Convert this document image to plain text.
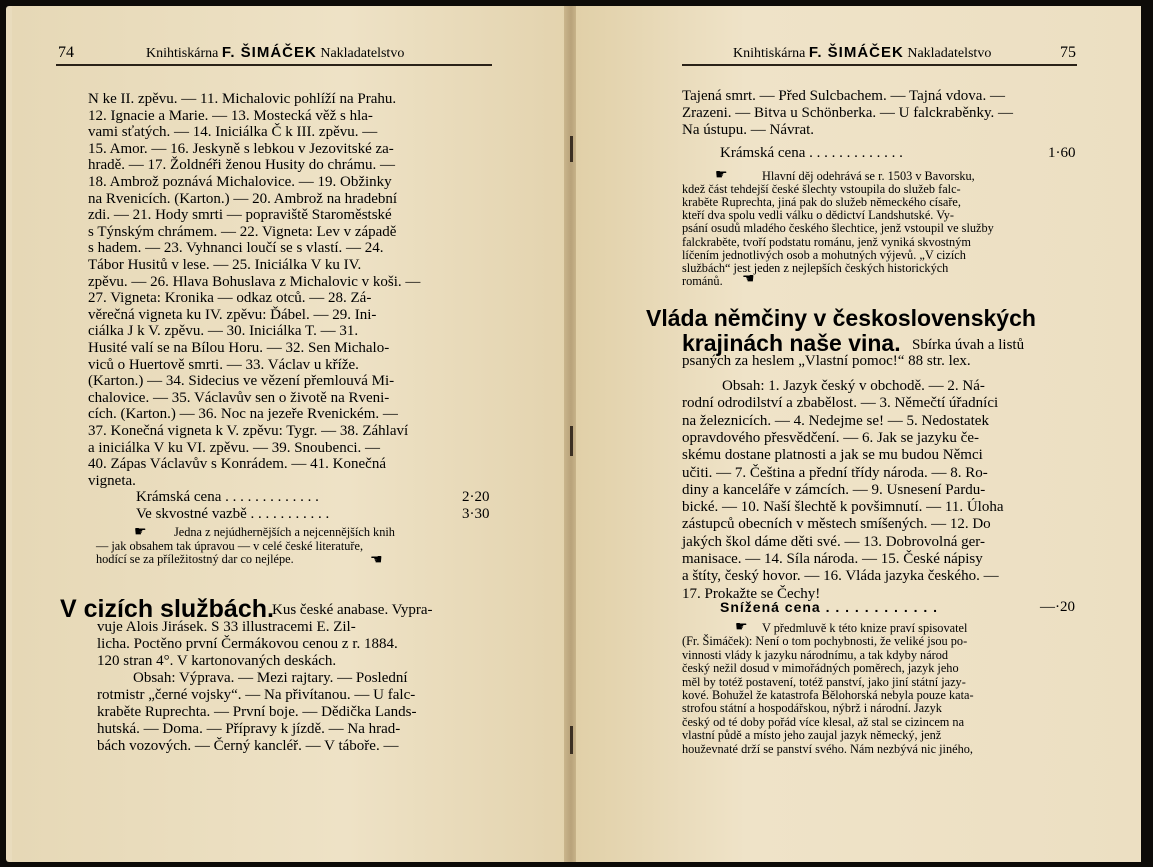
74	Knihtiskárna F. ŠIMÁČEK Nakladatelstvo
N ke II. zpěvu. — 11. Michalovic pohlíží na Prahu.
12. Ignacie a Marie. — 13. Mostecká věž s hla-
vami sťatých. — 14. Iniciálka Č k III. zpěvu. —
15. Amor. — 16. Jeskyně s lebkou v Jezovitské za-
hradě. — 17. Žoldnéři ženou Husity do chrámu. —
18. Ambrož poznává Michalovice. — 19. Obžinky
na Rvenicích. (Karton.) — 20. Ambrož na hradební
zdi. — 21. Hody smrti — popraviště Staroměstské
s Týnským chrámem. — 22. Vigneta: Lev v západě
s hadem. — 23. Vyhnanci loučí se s vlastí. — 24.
Tábor Husitů v lese. — 25. Iniciálka V ku IV.
zpěvu. — 26. Hlava Bohuslava z Michalovic v koši. —
27. Vigneta: Kronika — odkaz otců. — 28. Zá-
věrečná vigneta ku IV. zpěvu: Ďábel. — 29. Ini-
ciálka J k V. zpěvu. — 30. Iniciálka T. — 31.
Husité valí se na Bílou Horu. — 32. Sen Michalo-
viců o Huertově smrti. — 33. Václav u kříže.
(Karton.) — 34. Sidecius ve vězení přemlouvá Mi-
chalovice. — 35. Václavův sen o životě na Rveni-
cích. (Karton.) — 36. Noc na jezeře Rvenickém. —
37. Konečná vigneta k V. zpěvu: Tygr. — 38. Záhlaví
a iniciálka V ku VI. zpěvu. — 39. Snoubenci. —
40. Zápas Václavův s Konrádem. — 41. Konečná
vigneta.
Krámská cena . . . . . . . . . . . . .	2·20
Ve skvostné vazbě . . . . . . . . . . .	3·30
Jedna z nejúdhernějších a nejcennějších knih
— jak obsahem tak úpravou — v celé české literatuře,
hodící se za příležitostný dar co nejlépe.
☛
☚
V cizích službách.
Kus české anabase. Vypra-
vuje Alois Jirásek. S 33 illustracemi E. Zil-
licha. Poctěno první Čermákovou cenou z r. 1884.
120 stran 4°. V kartonovaných deskách.
Obsah: Výprava. — Mezi rajtary. — Poslední
rotmistr „černé vojsky“. — Na přivítanou. — U falc-
kraběte Ruprechta. — První boje. — Dědička Lands-
hutská. — Doma. — Přípravy k jízdě. — Na hrad-
bách vozových. — Černý kancléř. — V táboře. —
Knihtiskárna F. ŠIMÁČEK Nakladatelstvo	75
Tajená smrt. — Před Sulcbachem. — Tajná vdova. —
Zrazeni. — Bitva u Schönberka. — U falckraběnky. —
Na ústupu. — Návrat.
Krámská cena . . . . . . . . . . . . .	1·60
Hlavní děj odehrává se r. 1503 v Bavorsku,
kdež část tehdejší české šlechty vstoupila do služeb falc-
kraběte Ruprechta, jiná pak do služeb německého císaře,
kteří dva spolu vedli válku o dědictví Landshutské. Vy-
psání osudů mladého českého šlechtice, jenž vstoupil ve služby
falckraběte, tvoří podstatu románu, jenž vyniká skvostným
líčením jednotlivých osob a mohutných výjevů. „V cizích
službách“ jest jeden z nejlepších českých historických
románů.
☛
☚
Vláda němčiny v československých
krajinách naše vina. Sbírka úvah a listů
psaných za heslem „Vlastní pomoc!“ 88 str. lex.
Obsah: 1. Jazyk český v obchodě. — 2. Ná-
rodní odrodilství a zbabělost. — 3. Němečtí úřadníci
na železnicích. — 4. Nedejme se! — 5. Nedostatek
opravdového přesvědčení. — 6. Jak se jazyku če-
skému dostane platnosti a jak se mu budou Němci
učiti. — 7. Čeština a přední třídy národa. — 8. Ro-
diny a kanceláře v zámcích. — 9. Usnesení Pardu-
bické. — 10. Naší šlechtě k povšimnutí. — 11. Úloha
zástupců obecních v městech smíšených. — 12. Do
jakých škol dáme děti své. — 13. Dobrovolná ger-
manisace. — 14. Síla národa. — 15. České nápisy
a štíty, český hovor. — 16. Vláda jazyka českého. —
17. Prokažte se Čechy!
Snížená cena . . . . . . . . . . . .	—·20
V předmluvě k této knize praví spisovatel
(Fr. Šimáček): Není o tom pochybnosti, že veliké jsou po-
vinnosti vlády k jazyku národnímu, a tak kdyby národ
český nežil dosud v mimořádných poměrech, jazyk jeho
měl by totéž postavení, totéž panství, jako jiní státní jazy-
kové. Bohužel že katastrofa Bělohorská nebyla pouze kata-
strofou státní a hospodářskou, nýbrž i národní. Jazyk
český od té doby pořád více klesal, až stal se cizincem na
vlastní půdě a místo jeho zaujal jazyk německý, jenž
houževnaté drží se panství svého. Nám nezbývá nic jiného,
☛
